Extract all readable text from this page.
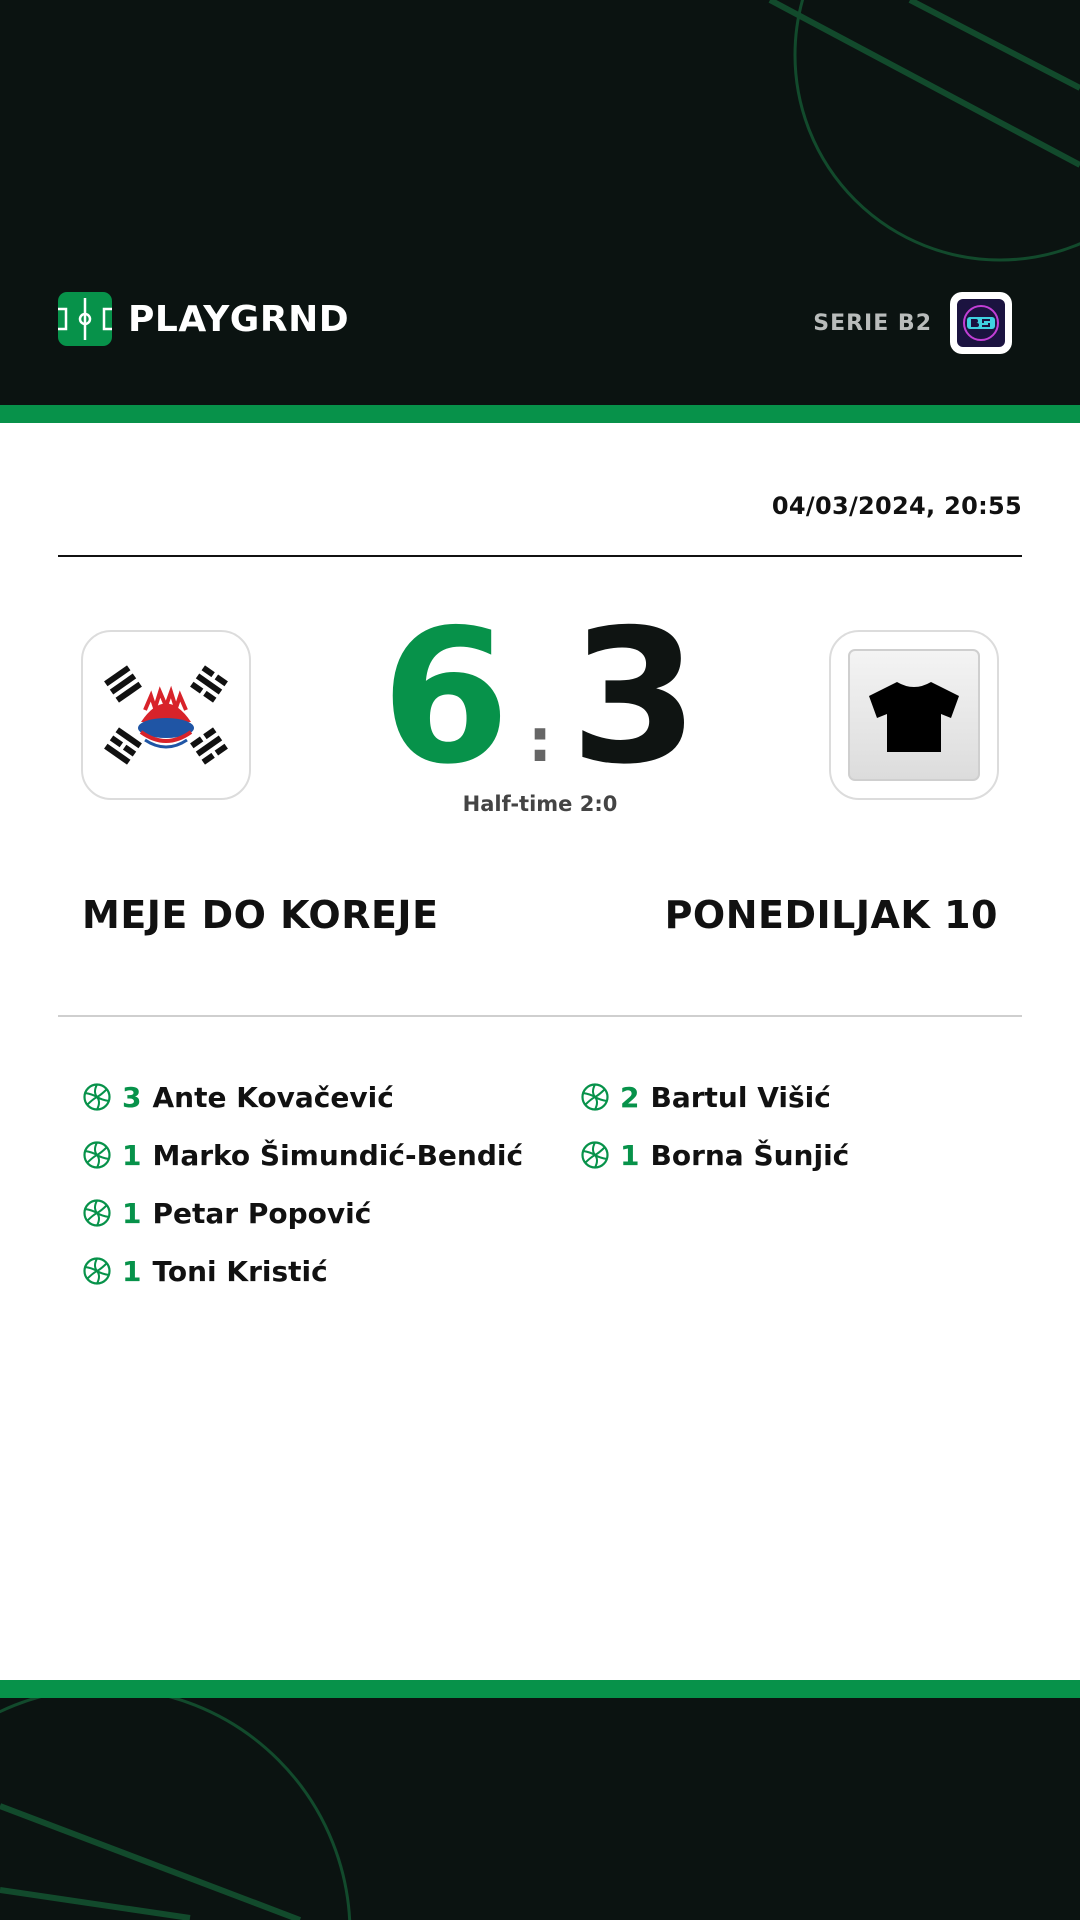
PLAYGRND	SERIE B2
04/03/2024, 20:55
6 : 3
Half-time 2:0
MEJE DO KOREJE	PONEDILJAK 10
3 Ante Kovačević
1 Marko Šimundić-Bendić
1 Petar Popović
1 Toni Kristić
2 Bartul Višić
1 Borna Šunjić
